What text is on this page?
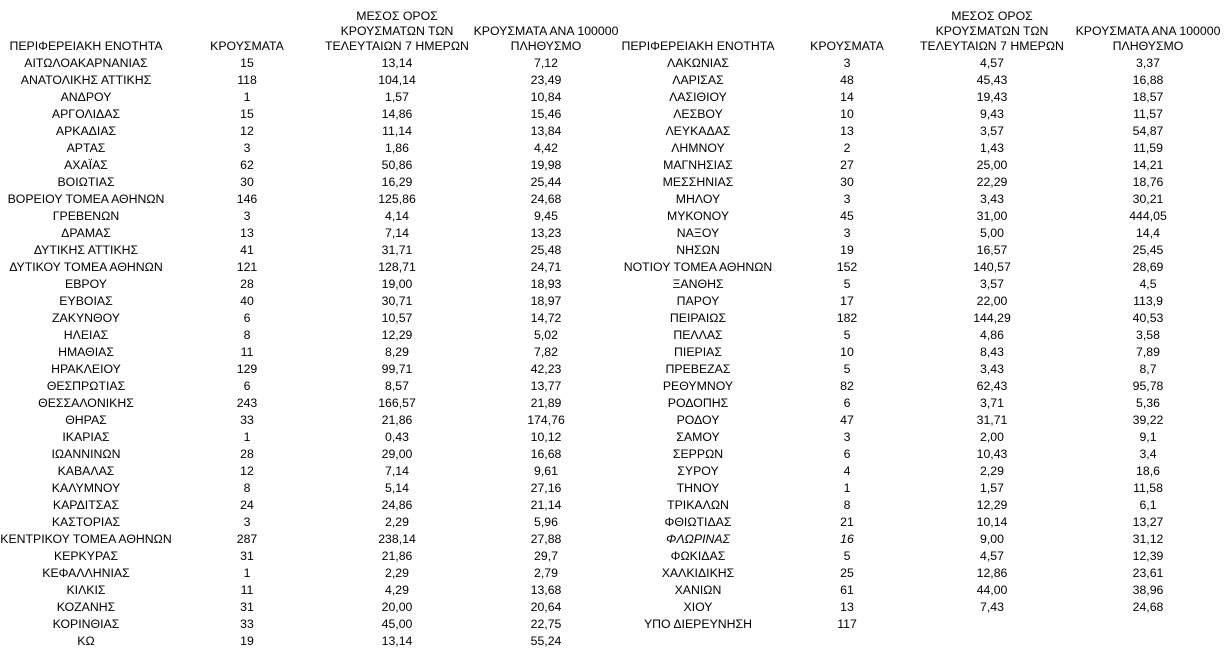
ΠΕΡΙΦΕΡΕΙΑΚΗ ΕΝΟΤΗΤΑ	ΚΡΟΥΣΜΑΤΑ
ΜΕΣΟΣ ΟΡΟΣ
ΚΡΟΥΣΜΑΤΩΝ ΤΩΝ
ΤΕΛΕΥΤΑΙΩΝ 7 ΗΜΕΡΩΝ
ΚΡΟΥΣΜΑΤΑ ΑΝΑ 100000
ΠΛΗΘΥΣΜΟ
ΑΙΤΩΛΟΑΚΑΡΝΑΝΙΑΣ	15	13,14	7,12
ΑΝΑΤΟΛΙΚΗΣ ΑΤΤΙΚΗΣ	118	104,14	23,49
ΑΝΔΡΟΥ	1	1,57	10,84
ΑΡΓΟΛΙΔΑΣ	15	14,86	15,46
ΑΡΚΑΔΙΑΣ	12	11,14	13,84
ΑΡΤΑΣ	3	1,86	4,42
ΑΧΑΪΑΣ	62	50,86	19,98
ΒΟΙΩΤΙΑΣ	30	16,29	25,44
ΒΟΡΕΙΟΥ ΤΟΜΕΑ ΑΘΗΝΩΝ	146	125,86	24,68
ΓΡΕΒΕΝΩΝ	3	4,14	9,45
ΔΡΑΜΑΣ	13	7,14	13,23
ΔΥΤΙΚΗΣ ΑΤΤΙΚΗΣ	41	31,71	25,48
ΔΥΤΙΚΟΥ ΤΟΜΕΑ ΑΘΗΝΩΝ	121	128,71	24,71
ΕΒΡΟΥ	28	19,00	18,93
ΕΥΒΟΙΑΣ	40	30,71	18,97
ΖΑΚΥΝΘΟΥ	6	10,57	14,72
ΗΛΕΙΑΣ	8	12,29	5,02
ΗΜΑΘΙΑΣ	11	8,29	7,82
ΗΡΑΚΛΕΙΟΥ	129	99,71	42,23
ΘΕΣΠΡΩΤΙΑΣ	6	8,57	13,77
ΘΕΣΣΑΛΟΝΙΚΗΣ	243	166,57	21,89
ΘΗΡΑΣ	33	21,86	174,76
ΙΚΑΡΙΑΣ	1	0,43	10,12
ΙΩΑΝΝΙΝΩΝ	28	29,00	16,68
ΚΑΒΑΛΑΣ	12	7,14	9,61
ΚΑΛΥΜΝΟΥ	8	5,14	27,16
ΚΑΡΔΙΤΣΑΣ	24	24,86	21,14
ΚΑΣΤΟΡΙΑΣ	3	2,29	5,96
ΚΕΝΤΡΙΚΟΥ ΤΟΜΕΑ ΑΘΗΝΩΝ	287	238,14	27,88
ΚΕΡΚΥΡΑΣ	31	21,86	29,7
ΚΕΦΑΛΛΗΝΙΑΣ	1	2,29	2,79
ΚΙΛΚΙΣ	11	4,29	13,68
ΚΟΖΑΝΗΣ	31	20,00	20,64
ΚΟΡΙΝΘΙΑΣ	33	45,00	22,75
ΚΩ	19	13,14	55,24
ΠΕΡΙΦΕΡΕΙΑΚΗ ΕΝΟΤΗΤΑ	ΚΡΟΥΣΜΑΤΑ
ΜΕΣΟΣ ΟΡΟΣ
ΚΡΟΥΣΜΑΤΩΝ ΤΩΝ
ΤΕΛΕΥΤΑΙΩΝ 7 ΗΜΕΡΩΝ
ΚΡΟΥΣΜΑΤΑ ΑΝΑ 100000
ΠΛΗΘΥΣΜΟ
ΛΑΚΩΝΙΑΣ	3	4,57	3,37
ΛΑΡΙΣΑΣ	48	45,43	16,88
ΛΑΣΙΘΙΟΥ	14	19,43	18,57
ΛΕΣΒΟΥ	10	9,43	11,57
ΛΕΥΚΑΔΑΣ	13	3,57	54,87
ΛΗΜΝΟΥ	2	1,43	11,59
ΜΑΓΝΗΣΙΑΣ	27	25,00	14,21
ΜΕΣΣΗΝΙΑΣ	30	22,29	18,76
ΜΗΛΟΥ	3	3,43	30,21
ΜΥΚΟΝΟΥ	45	31,00	444,05
ΝΑΞΟΥ	3	5,00	14,4
ΝΗΣΩΝ	19	16,57	25,45
ΝΟΤΙΟΥ ΤΟΜΕΑ ΑΘΗΝΩΝ	152	140,57	28,69
ΞΑΝΘΗΣ	5	3,57	4,5
ΠΑΡΟΥ	17	22,00	113,9
ΠΕΙΡΑΙΩΣ	182	144,29	40,53
ΠΕΛΛΑΣ	5	4,86	3,58
ΠΙΕΡΙΑΣ	10	8,43	7,89
ΠΡΕΒΕΖΑΣ	5	3,43	8,7
ΡΕΘΥΜΝΟΥ	82	62,43	95,78
ΡΟΔΟΠΗΣ	6	3,71	5,36
ΡΟΔΟΥ	47	31,71	39,22
ΣΑΜΟΥ	3	2,00	9,1
ΣΕΡΡΩΝ	6	10,43	3,4
ΣΥΡΟΥ	4	2,29	18,6
ΤΗΝΟΥ	1	1,57	11,58
ΤΡΙΚΑΛΩΝ	8	12,29	6,1
ΦΘΙΩΤΙΔΑΣ	21	10,14	13,27
ΦΛΩΡΙΝΑΣ	16	9,00	31,12
ΦΩΚΙΔΑΣ	5	4,57	12,39
ΧΑΛΚΙΔΙΚΗΣ	25	12,86	23,61
ΧΑΝΙΩΝ	61	44,00	38,96
ΧΙΟΥ	13	7,43	24,68
ΥΠΟ ΔΙΕΡΕΥΝΗΣΗ	117
